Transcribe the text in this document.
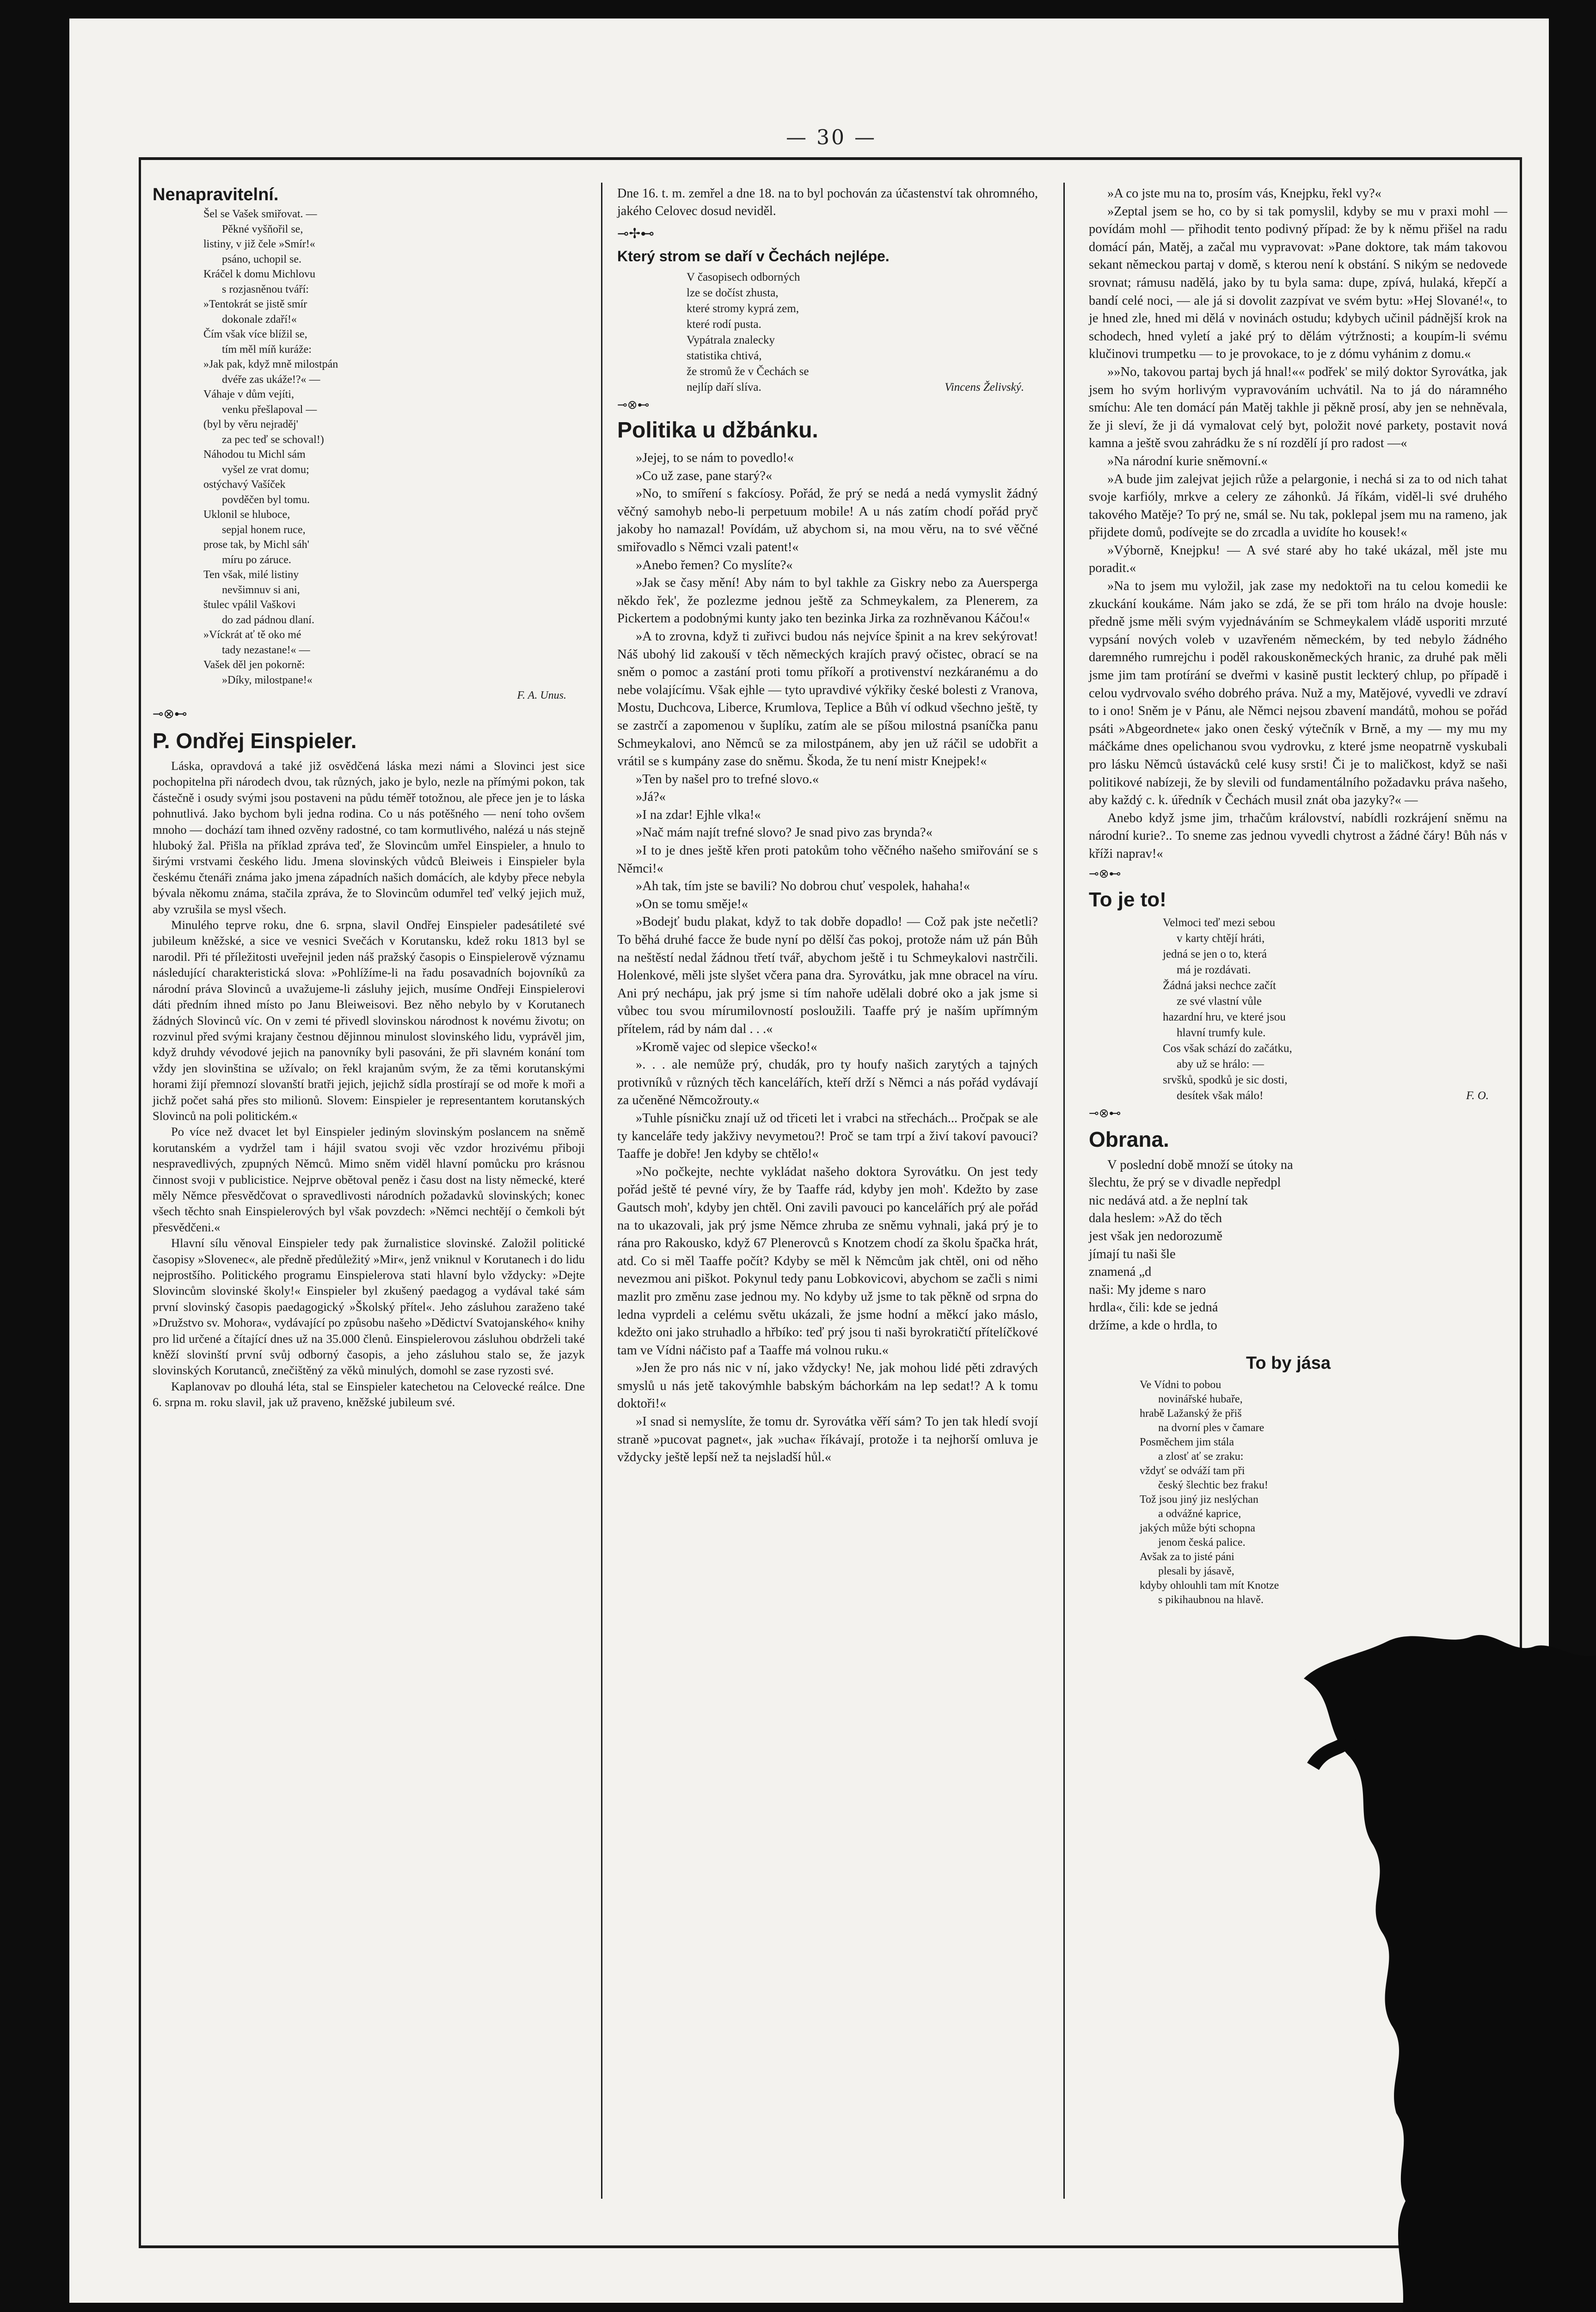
— 30 —

Nenapravitelní.

Šel se Vašek smiřovat. —

Pěkné vyšňořil se,

listiny, v již čele »Smír!«

psáno, uchopil se.

Kráčel k domu Michlovu

s rozjasněnou tváří:

»Tentokrát se jistě smír

dokonale zdaří!«

Čím však více blížil se,

tím měl míň kuráže:

»Jak pak, když mně milostpán

dvéře zas ukáže!?« —

Váhaje v dům vejíti,

venku přešlapoval —

(byl by věru nejraděj'

za pec teď se schoval!)

Náhodou tu Michl sám

vyšel ze vrat domu;

ostýchavý Vašíček

povděčen byl tomu.

Uklonil se hluboce,

sepjal honem ruce,

prose tak, by Michl sáh'

míru po záruce.

Ten však, milé listiny

nevšimnuv si ani,

štulec vpálil Vaškovi

do zad pádnou dlaní.

»Víckrát ať tě oko mé

tady nezastane!« —

Vašek děl jen pokorně:

»Díky, milostpane!«

F. A. Unus.

⊸⊗⊷

P. Ondřej Einspieler.

Láska, opravdová a také již osvědčená láska mezi námi a Slovinci jest sice pochopitelna při národech dvou, tak různých, jako je bylo, nezle na přímými pokon, tak částečně i osudy svými jsou postaveni na půdu téměř totožnou, ale přece jen je to láska pohnutlivá. Jako bychom byli jedna rodina. Co u nás potěšného — není toho ovšem mnoho — dochází tam ihned ozvěny radostné, co tam kormutlivého, nalézá u nás stejně hluboký žal. Přišla na příklad zpráva teď, že Slovincům umřel Einspieler, a hnulo to širými vrstvami českého lidu. Jmena slovinských vůdců Bleiweis i Einspieler byla českému čtenáři známa jako jmena západních našich domácích, ale kdyby přece nebyla bývala někomu známa, stačila zpráva, že to Slovincům odumřel teď velký jejich muž, aby vzrušila se mysl všech.

Minulého teprve roku, dne 6. srpna, slavil Ondřej Einspieler padesátileté své jubileum kněžské, a sice ve vesnici Svečách v Korutansku, kdež roku 1813 byl se narodil. Při té příležitosti uveřejnil jeden náš pražský časopis o Einspielerově významu následující charakteristická slova: »Pohlížíme-li na řadu posavadních bojovníků za národní práva Slovinců a uvažujeme-li zásluhy jejich, musíme Ondřeji Einspielerovi dáti předním ihned místo po Janu Bleiweisovi. Bez něho nebylo by v Korutanech žádných Slovinců víc. On v zemi té přivedl slovinskou národnost k novému životu; on rozvinul před svými krajany čestnou dějinnou minulost slovinského lidu, vyprávěl jim, když druhdy vévodové jejich na panovníky byli pasováni, že při slavném konání tom vždy jen slovinština se užívalo; on řekl krajanům svým, že za těmi korutanskými horami žijí přemnozí slovanští bratři jejich, jejichž sídla prostírají se od moře k moři a jichž počet sahá přes sto milionů. Slovem: Einspieler je representantem korutanských Slovinců na poli politickém.«

Po více než dvacet let byl Einspieler jediným slovinským poslancem na sněmě korutanském a vydržel tam i hájil svatou svoji věc vzdor hrozivému přiboji nespravedlivých, zpupných Němců. Mimo sněm viděl hlavní pomůcku pro krásnou činnost svoji v publicistice. Nejprve obětoval peněz i času dost na listy německé, které měly Němce přesvědčovat o spravedlivosti národních požadavků slovinských; konec všech těchto snah Einspielerových byl však povzdech: »Němci nechtějí o čemkoli být přesvědčeni.«

Hlavní sílu věnoval Einspieler tedy pak žurnalistice slovinské. Založil politické časopisy »Slovenec«, ale předně předůležitý »Mir«, jenž vniknul v Korutanech i do lidu nejprostšího. Politického programu Einspielerova stati hlavní bylo vždycky: »Dejte Slovincům slovinské školy!« Einspieler byl zkušený paedagog a vydával také sám první slovinský časopis paedagogický »Školský přítel«. Jeho zásluhou zaraženo také »Družstvo sv. Mohora«, vydávající po způsobu našeho »Dědictví Svatojanského« knihy pro lid určené a čítající dnes už na 35.000 členů. Einspielerovou zásluhou obdrželi také kněží slovinští první svůj odborný časopis, a jeho zásluhou stalo se, že jazyk slovinských Korutanců, znečištěný za věků minulých, domohl se zase ryzosti své.

Kaplanovav po dlouhá léta, stal se Einspieler katechetou na Celovecké reálce. Dne 6. srpna m. roku slavil, jak už praveno, kněžské jubileum své.

Dne 16. t. m. zemřel a dne 18. na to byl pochován za účastenství tak ohromného, jakého Celovec dosud neviděl.

⊸✢⊷

Který strom se daří v Čechách nejlépe.

V časopisech odborných

lze se dočíst zhusta,

které stromy kyprá zem,

které rodí pusta.

Vypátrala znalecky

statistika chtivá,

že stromů že v Čechách se

nejlíp daří slíva.	Vincens Želivský.

⊸⊗⊷

Politika u džbánku.

»Jejej, to se nám to povedlo!«

»Co už zase, pane starý?«

»No, to smíření s fakcíosy. Pořád, že prý se nedá a nedá vymyslit žádný věčný samohyb nebo-li perpetuum mobile! A u nás zatím chodí pořád pryč jakoby ho namazal! Povídám, už abychom si, na mou věru, na to své věčné smiřovadlo s Němci vzali patent!«

»Anebo řemen? Co myslíte?«

»Jak se časy mění! Aby nám to byl takhle za Giskry nebo za Auersperga někdo řek', že pozlezme jednou ještě za Schmeykalem, za Plenerem, za Pickertem a podobnými kunty jako ten bezinka Jirka za rozhněvanou Káčou!«

»A to zrovna, když ti zuřivci budou nás nejvíce špinit a na krev sekýrovat! Náš ubohý lid zakouší v těch německých krajích pravý očistec, obrací se na sněm o pomoc a zastání proti tomu příkoří a protivenství nezkáranému a do nebe volajícímu. Však ejhle — tyto upravdivé výkřiky české bolesti z Vranova, Mostu, Duchcova, Liberce, Krumlova, Teplice a Bůh ví odkud všechno ještě, ty se zastrčí a zapomenou v šuplíku, zatím ale se píšou milostná psaníčka panu Schmeykalovi, ano Němců se za milostpánem, aby jen už ráčil se udobřit a vrátil se s kumpány zase do sněmu. Škoda, že tu není mistr Knejpek!«

»Ten by našel pro to trefné slovo.«

»Já?«

»I na zdar! Ejhle vlka!«

»Nač mám najít trefné slovo? Je snad pivo zas brynda?«

»I to je dnes ještě křen proti patokům toho věčného našeho smiřování se s Němci!«

»Ah tak, tím jste se bavili? No dobrou chuť vespolek, hahaha!«

»On se tomu směje!«

»Bodejť budu plakat, když to tak dobře dopadlo! — Což pak jste nečetli? To běhá druhé facce že bude nyní po dělší čas pokoj, protože nám už pán Bůh na neštěstí nedal žádnou třetí tvář, abychom ještě i tu Schmeykalovi nastrčili. Holenkové, měli jste slyšet včera pana dra. Syrovátku, jak mne obracel na víru. Ani prý nechápu, jak prý jsme si tím nahoře udělali dobré oko a jak jsme si vůbec tou svou mírumilovností posloužili. Taaffe prý je naším upřímným přítelem, rád by nám dal . . .«

»Kromě vajec od slepice všecko!«

». . . ale nemůže prý, chudák, pro ty houfy našich zarytých a tajných protivníků v různých těch kancelářích, kteří drží s Němci a nás pořád vydávají za učeněné Němcožrouty.«

»Tuhle písničku znají už od třiceti let i vrabci na střechách... Pročpak se ale ty kanceláře tedy jakživy nevymetou?! Proč se tam trpí a živí takoví pavouci? Taaffe je dobře! Jen kdyby se chtělo!«

»No počkejte, nechte vykládat našeho doktora Syrovátku. On jest tedy pořád ještě té pevné víry, že by Taaffe rád, kdyby jen moh'. Kdežto by zase Gautsch moh', kdyby jen chtěl. Oni zavili pavouci po kancelářích prý ale pořád na to ukazovali, jak prý jsme Němce zhruba ze sněmu vyhnali, jaká prý je to rána pro Rakousko, když 67 Plenerovců s Knotzem chodí za školu špačka hrát, atd. Co si měl Taaffe počít? Kdyby se měl k Němcům jak chtěl, oni od něho nevezmou ani piškot. Pokynul tedy panu Lobkovicovi, abychom se začli s nimi mazlit pro změnu zase jednou my. No kdyby už jsme to tak pěkně od srpna do ledna vyprdeli a celému světu ukázali, že jsme hodní a měkcí jako máslo, kdežto oni jako struhadlo a hřbíko: teď prý jsou ti naši byrokratičtí přítelíčkové tam ve Vídni náčisto paf a Taaffe má volnou ruku.«

»Jen že pro nás nic v ní, jako vždycky! Ne, jak mohou lidé pěti zdravých smyslů u nás jetě takovýmhle babským báchorkám na lep sedat!? A k tomu doktoři!«

»I snad si nemyslíte, že tomu dr. Syrovátka věří sám? To jen tak hledí svojí straně »pucovat pagnet«, jak »ucha« říkávají, protože i ta nejhorší omluva je vždycky ještě lepší než ta nejsladší hůl.«

»A co jste mu na to, prosím vás, Knejpku, řekl vy?«

»Zeptal jsem se ho, co by si tak pomyslil, kdyby se mu v praxi mohl — povídám mohl — přihodit tento podivný případ: že by k němu přišel na radu domácí pán, Matěj, a začal mu vypravovat: »Pane doktore, tak mám takovou sekant německou partaj v domě, s kterou není k obstání. S nikým se nedovede srovnat; rámusu nadělá, jako by tu byla sama: dupe, zpívá, hulaká, křepčí a bandí celé noci, — ale já si dovolit zazpívat ve svém bytu: »Hej Slované!«, to je hned zle, hned mi dělá v novinách ostudu; kdybych učinil pádnější krok na schodech, hned vyletí a jaké prý to dělám výtržnosti; a koupím-li svému klučinovi trumpetku — to je provokace, to je z dómu vyhánim z domu.«

»»No, takovou partaj bych já hnal!«« podřek' se milý doktor Syrovátka, jak jsem ho svým horlivým vypravováním uchvátil. Na to já do náramného smíchu: Ale ten domácí pán Matěj takhle ji pěkně prosí, aby jen se nehněvala, že ji sleví, že ji dá vymalovat celý byt, položit nové parkety, postavit nová kamna a ještě svou zahrádku že s ní rozdělí jí pro radost —«

»Na národní kurie sněmovní.«

»A bude jim zalejvat jejich růže a pelargonie, i nechá si za to od nich tahat svoje karfióly, mrkve a celery ze záhonků. Já říkám, viděl-li své druhého takového Matěje? To prý ne, smál se. Nu tak, poklepal jsem mu na rameno, jak přijdete domů, podívejte se do zrcadla a uvidíte ho kousek!«

»Výborně, Knejpku! — A své staré aby ho také ukázal, měl jste mu poradit.«

»Na to jsem mu vyložil, jak zase my nedoktoři na tu celou komedii ke zkuckání koukáme. Nám jako se zdá, že se při tom hrálo na dvoje housle: předně jsme měli svým vyjednáváním se Schmeykalem vládě usporiti mrzuté vypsání nových voleb v uzavřeném německém, by ted nebylo žádného daremného rumrejchu i poděl rakouskoněmeckých hranic, za druhé pak měli jsme jim tam protírání se dveřmi v kasině pustit leckterý chlup, po případě i celou vydrvovalo svého dobrého práva. Nuž a my, Matějové, vyvedli ve zdraví to i ono! Sněm je v Pánu, ale Němci nejsou zbavení mandátů, mohou se pořád psáti »Abgeordnete« jako onen český výtečník v Brně, a my — my mu my máčkáme dnes opelichanou svou vydrovku, z které jsme neopatrně vyskubali pro lásku Němců ústavácků celé kusy srsti! Či je to maličkost, když se naši politikové nabízeji, že by slevili od fundamentálního požadavku práva našeho, aby každý c. k. úředník v Čechách musil znát oba jazyky?« —

Anebo když jsme jim, trhačům království, nabídli rozkrájení sněmu na národní kurie?.. To sneme zas jednou vyvedli chytrost a žádné čáry! Bůh nás v kříži naprav!«

⊸⊗⊷

To je to!

Velmoci teď mezi sebou

v karty chtějí hráti,

jedná se jen o to, která

má je rozdávati.

Žádná jaksi nechce začít

ze své vlastní vůle

hazardní hru, ve které jsou

hlavní trumfy kule.

Cos však schází do začátku,

aby už se hrálo: —

srvšků, spodků je sic dosti,

desítek však málo!	F. O.

⊸⊗⊷

Obrana.

V poslední době množí se útoky na

šlechtu, že prý se v divadle nepředpl

nic nedává atd. a že neplní tak

dala heslem: »Až do těch

jest však jen nedorozumě

jímají tu naši šle

znamená „d

naši: My jdeme s naro

hrdla«, čili: kde se jedná

držíme, a kde o hrdla, to

To by jása

Ve Vídni to pobou

novinářské hubaře,

hrabě Lažanský že přiš

na dvorní ples v čamare

Posměchem jim stála

a zlosť ať se zraku:

vždyť se odváží tam při

český šlechtic bez fraku!

Tož jsou jiný jiz neslýchan

a odvážné kaprice,

jakých může býti schopna

jenom česká palice.

Avšak za to jisté páni

plesali by jásavě,

kdyby ohlouhli tam mít Knotze

s pikihaubnou na hlavě.
